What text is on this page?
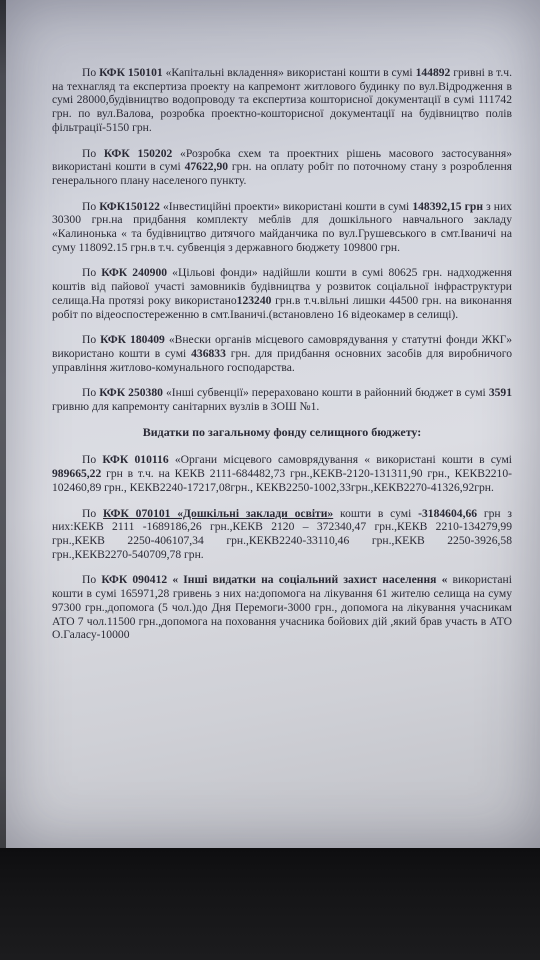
По КФК 150101 «Капітальні вкладення» використані кошти в сумі 144892 гривні в т.ч. на технагляд та експертиза проекту на капремонт житлового будинку по вул.Відродження в сумі 28000,будівництво водопроводу та експертиза кошторисної документації в сумі 111742 грн. по вул.Валова, розробка проектно-кошторисної документації на будівництво полів фільтрації-5150 грн.

По КФК 150202 «Розробка схем та проектних рішень масового застосування» використані кошти в сумі 47622,90 грн. на оплату робіт по поточному стану з розроблення генерального плану населеного пункту.

По КФК150122 «Інвестиційні проекти» використані кошти в сумі 148392,15 грн з них 30300 грн.на придбання комплекту меблів для дошкільного навчального закладу «Калинонька « та будівництво дитячого майданчика по вул.Грушевського в смт.Іваничі на суму 118092.15 грн.в т.ч. субвенція з державного бюджету 109800 грн.

По КФК 240900 «Цільові фонди» надійшли кошти в сумі 80625 грн. надходження коштів від пайової участі замовників будівництва у розвиток соціальної інфраструктури селища.На протязі року використано123240 грн.в т.ч.вільні лишки 44500 грн. на виконання робіт по відеоспостереженню в смт.Іваничі.(встановлено 16 відеокамер в селищі).

По КФК 180409 «Внески органів місцевого самоврядування у статутні фонди ЖКГ» використано кошти в сумі 436833 грн. для придбання основних засобів для виробничого управління житлово-комунального господарства.

По КФК 250380 «Інші субвенції» перераховано кошти в районний бюджет в сумі 3591 гривню для капремонту санітарних вузлів в ЗОШ №1.

Видатки по загальному фонду селищного бюджету:

По КФК 010116 «Органи місцевого самоврядування « використані кошти в сумі 989665,22 грн в т.ч. на КЕКВ 2111-684482,73 грн.,КЕКВ-2120-131311,90 грн., КЕКВ2210-102460,89 грн., КЕКВ2240-17217,08грн., КЕКВ2250-1002,33грн.,КЕКВ2270-41326,92грн.

По КФК 070101 «Дошкільні заклади освіти» кошти в сумі -3184604,66 грн з них:КЕКВ 2111 -1689186,26 грн.,КЕКВ 2120 – 372340,47 грн.,КЕКВ 2210-134279,99 грн.,КЕКВ 2250-406107,34 грн.,КЕКВ2240-33110,46 грн.,КЕКВ 2250-3926,58 грн.,КЕКВ2270-540709,78 грн.

По КФК 090412 « Інші видатки на соціальний захист населення « використані кошти в сумі 165971,28 гривень з них на:допомога на лікування 61 жителю селища на суму 97300 грн.,допомога (5 чол.)до Дня Перемоги-3000 грн., допомога на лікування учасникам АТО 7 чол.11500 грн.,допомога на поховання учасника бойових дій ,який брав участь в АТО О.Галасу-10000
